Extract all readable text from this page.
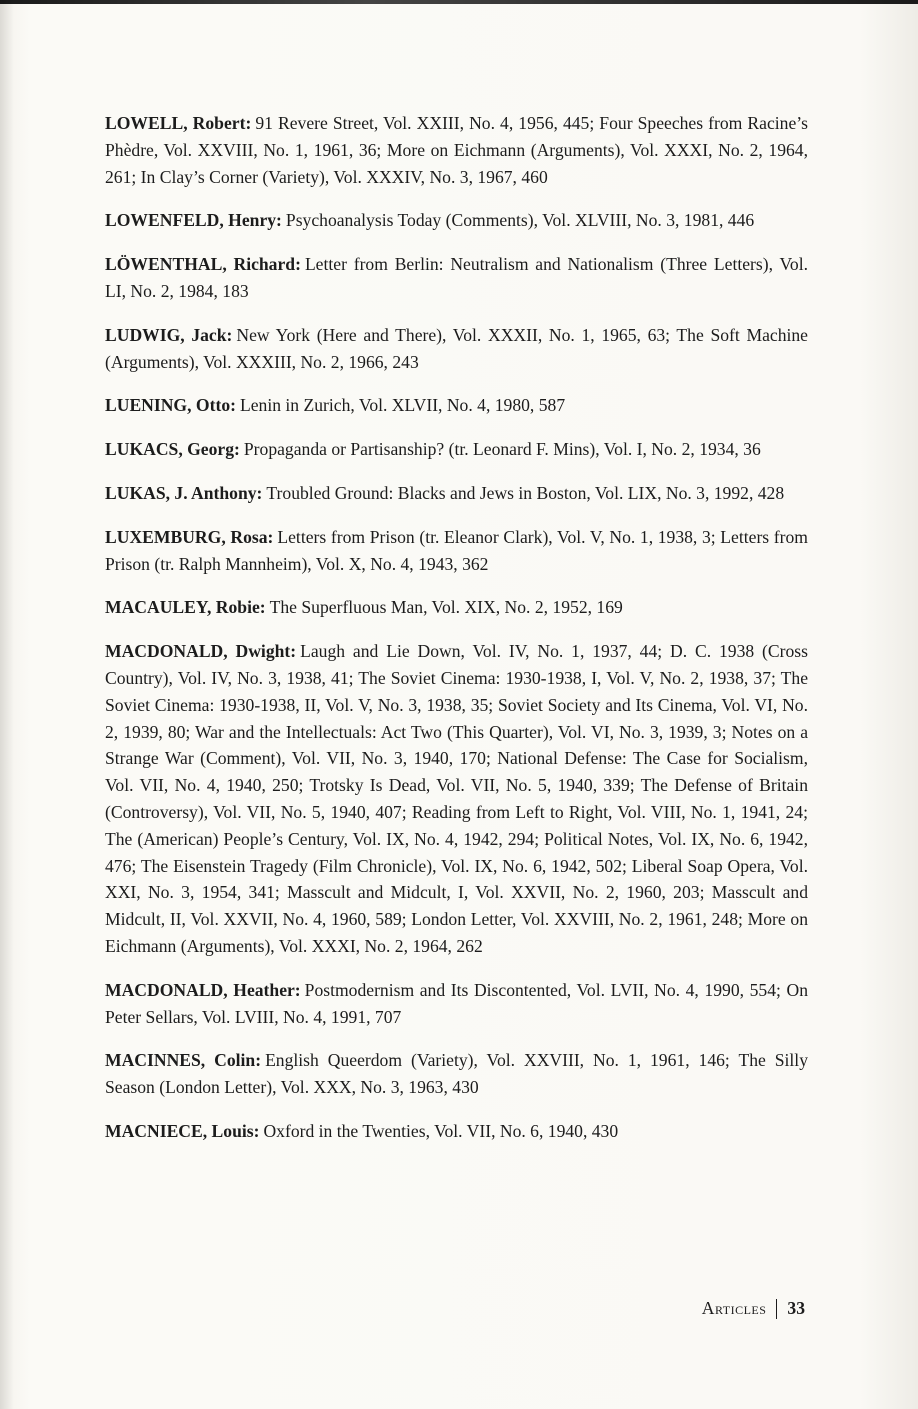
LOWELL, Robert: 91 Revere Street, Vol. XXIII, No. 4, 1956, 445; Four Speeches from Racine’s Phèdre, Vol. XXVIII, No. 1, 1961, 36; More on Eichmann (Arguments), Vol. XXXI, No. 2, 1964, 261; In Clay’s Corner (Variety), Vol. XXXIV, No. 3, 1967, 460

LOWENFELD, Henry: Psychoanalysis Today (Comments), Vol. XLVIII, No. 3, 1981, 446

LÖWENTHAL, Richard: Letter from Berlin: Neutralism and Nationalism (Three Letters), Vol. LI, No. 2, 1984, 183

LUDWIG, Jack: New York (Here and There), Vol. XXXII, No. 1, 1965, 63; The Soft Machine (Arguments), Vol. XXXIII, No. 2, 1966, 243

LUENING, Otto: Lenin in Zurich, Vol. XLVII, No. 4, 1980, 587

LUKACS, Georg: Propaganda or Partisanship? (tr. Leonard F. Mins), Vol. I, No. 2, 1934, 36

LUKAS, J. Anthony: Troubled Ground: Blacks and Jews in Boston, Vol. LIX, No. 3, 1992, 428

LUXEMBURG, Rosa: Letters from Prison (tr. Eleanor Clark), Vol. V, No. 1, 1938, 3; Letters from Prison (tr. Ralph Mannheim), Vol. X, No. 4, 1943, 362

MACAULEY, Robie: The Superfluous Man, Vol. XIX, No. 2, 1952, 169

MACDONALD, Dwight: Laugh and Lie Down, Vol. IV, No. 1, 1937, 44; D. C. 1938 (Cross Country), Vol. IV, No. 3, 1938, 41; The Soviet Cinema: 1930-1938, I, Vol. V, No. 2, 1938, 37; The Soviet Cinema: 1930-1938, II, Vol. V, No. 3, 1938, 35; Soviet Society and Its Cinema, Vol. VI, No. 2, 1939, 80; War and the Intellectuals: Act Two (This Quarter), Vol. VI, No. 3, 1939, 3; Notes on a Strange War (Comment), Vol. VII, No. 3, 1940, 170; National Defense: The Case for Socialism, Vol. VII, No. 4, 1940, 250; Trotsky Is Dead, Vol. VII, No. 5, 1940, 339; The Defense of Britain (Controversy), Vol. VII, No. 5, 1940, 407; Reading from Left to Right, Vol. VIII, No. 1, 1941, 24; The (American) People’s Century, Vol. IX, No. 4, 1942, 294; Political Notes, Vol. IX, No. 6, 1942, 476; The Eisenstein Tragedy (Film Chronicle), Vol. IX, No. 6, 1942, 502; Liberal Soap Opera, Vol. XXI, No. 3, 1954, 341; Masscult and Midcult, I, Vol. XXVII, No. 2, 1960, 203; Masscult and Midcult, II, Vol. XXVII, No. 4, 1960, 589; London Letter, Vol. XXVIII, No. 2, 1961, 248; More on Eichmann (Arguments), Vol. XXXI, No. 2, 1964, 262

MACDONALD, Heather: Postmodernism and Its Discontented, Vol. LVII, No. 4, 1990, 554; On Peter Sellars, Vol. LVIII, No. 4, 1991, 707

MACINNES, Colin: English Queerdom (Variety), Vol. XXVIII, No. 1, 1961, 146; The Silly Season (London Letter), Vol. XXX, No. 3, 1963, 430

MACNIECE, Louis: Oxford in the Twenties, Vol. VII, No. 6, 1940, 430

Articles 33
